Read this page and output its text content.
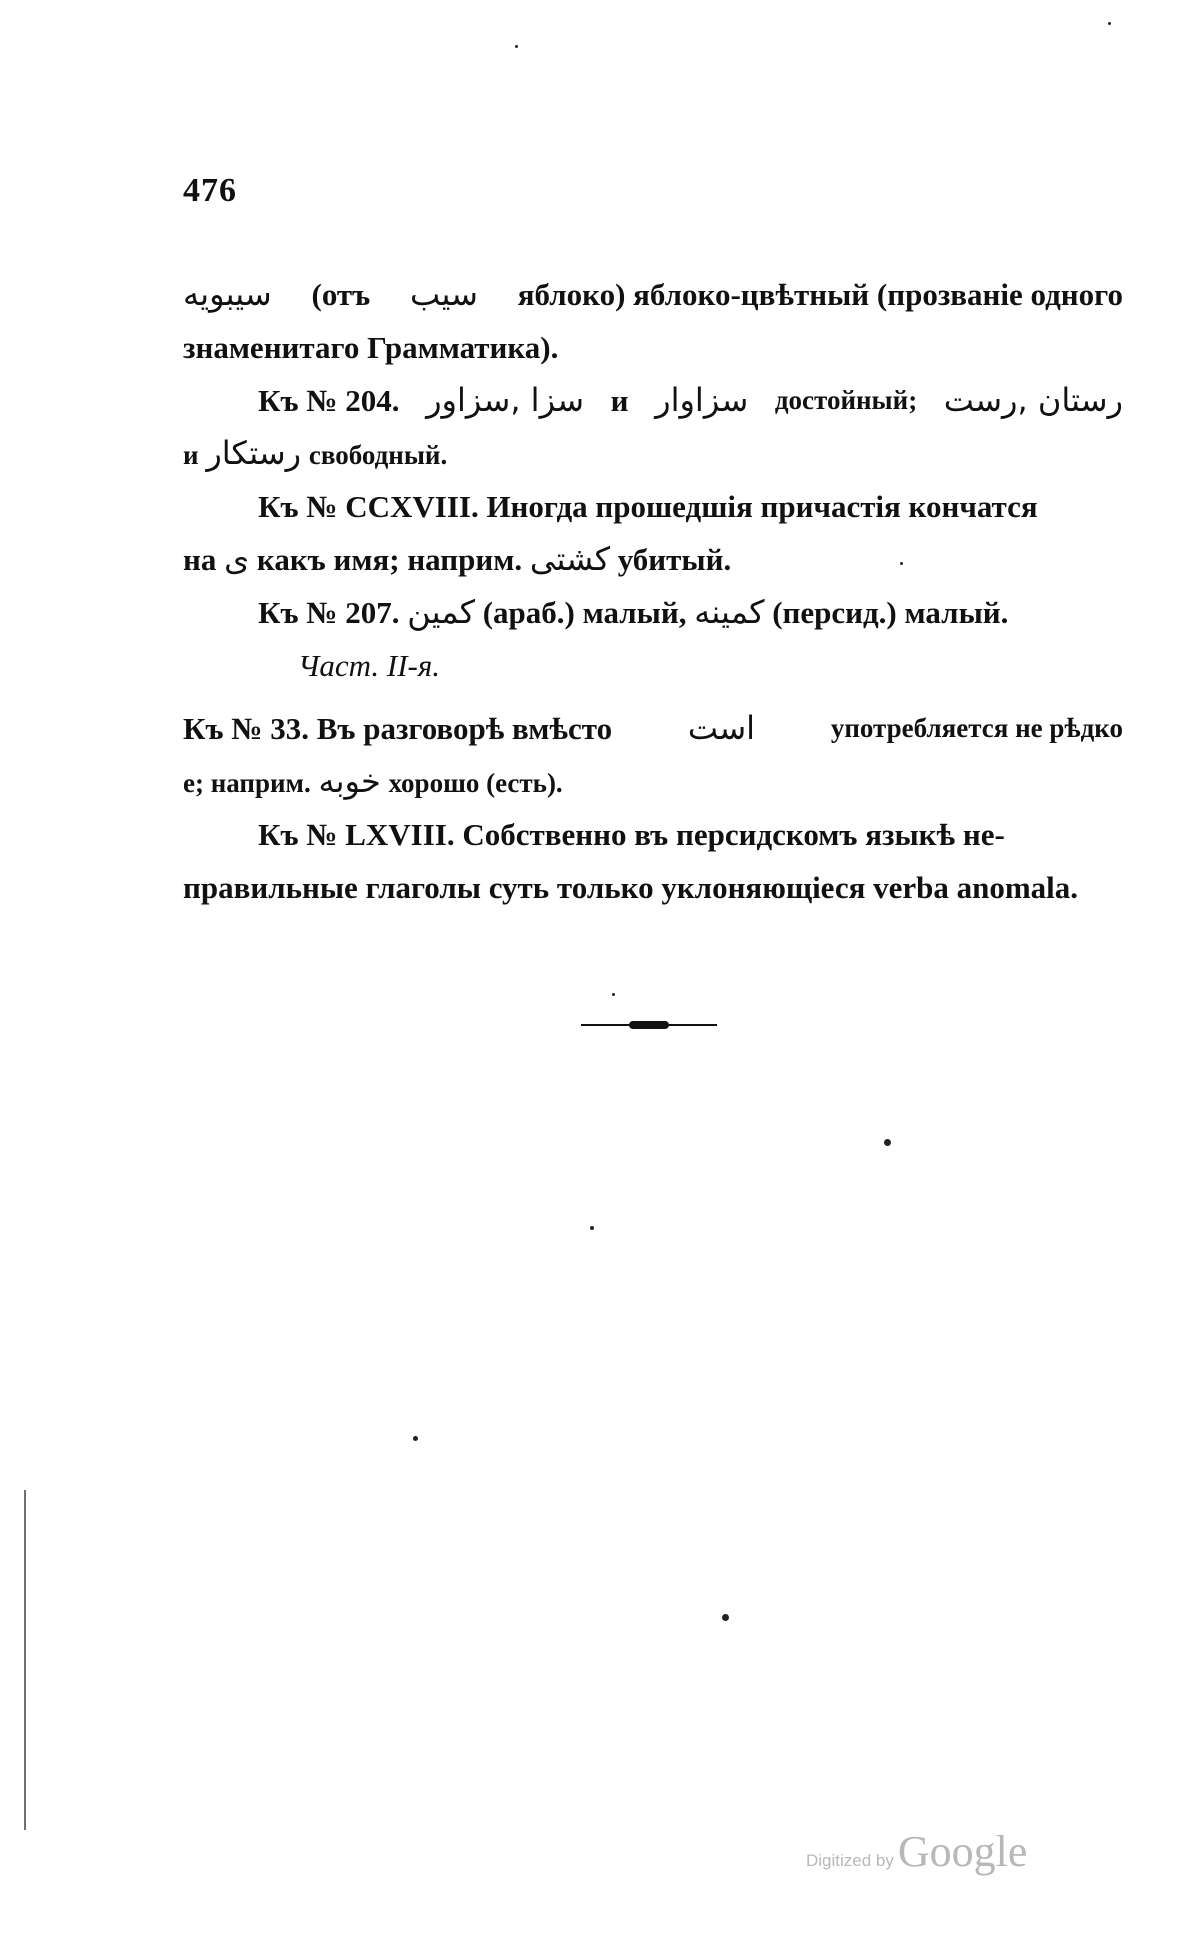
476
سیبویه (отъ سیب яблоко) яблоко-цвѣтный (прозваніе одного
знаменитаго Грамматика).
Къ № 204. سزا ,سزاور и سزاوار достойный; رستان ,رست
и رستکار свободный.
Къ № CCXVIII. Иногда прошедшія причастія кончатся
на ی какъ имя; наприм. کشتی убитый.
Къ № 207. کمین (араб.) малый, کمینه (персид.) малый.
Част. II-я.
Къ № 33. Въ разговорѣ вмѣсто است	употребляется не рѣдко
е; наприм. خوبه хорошо (есть).
Къ № LXVIII. Собственно въ персидскомъ языкѣ не-
правильные глаголы суть только уклоняющіеся verba anomala.
Digitized by Google
